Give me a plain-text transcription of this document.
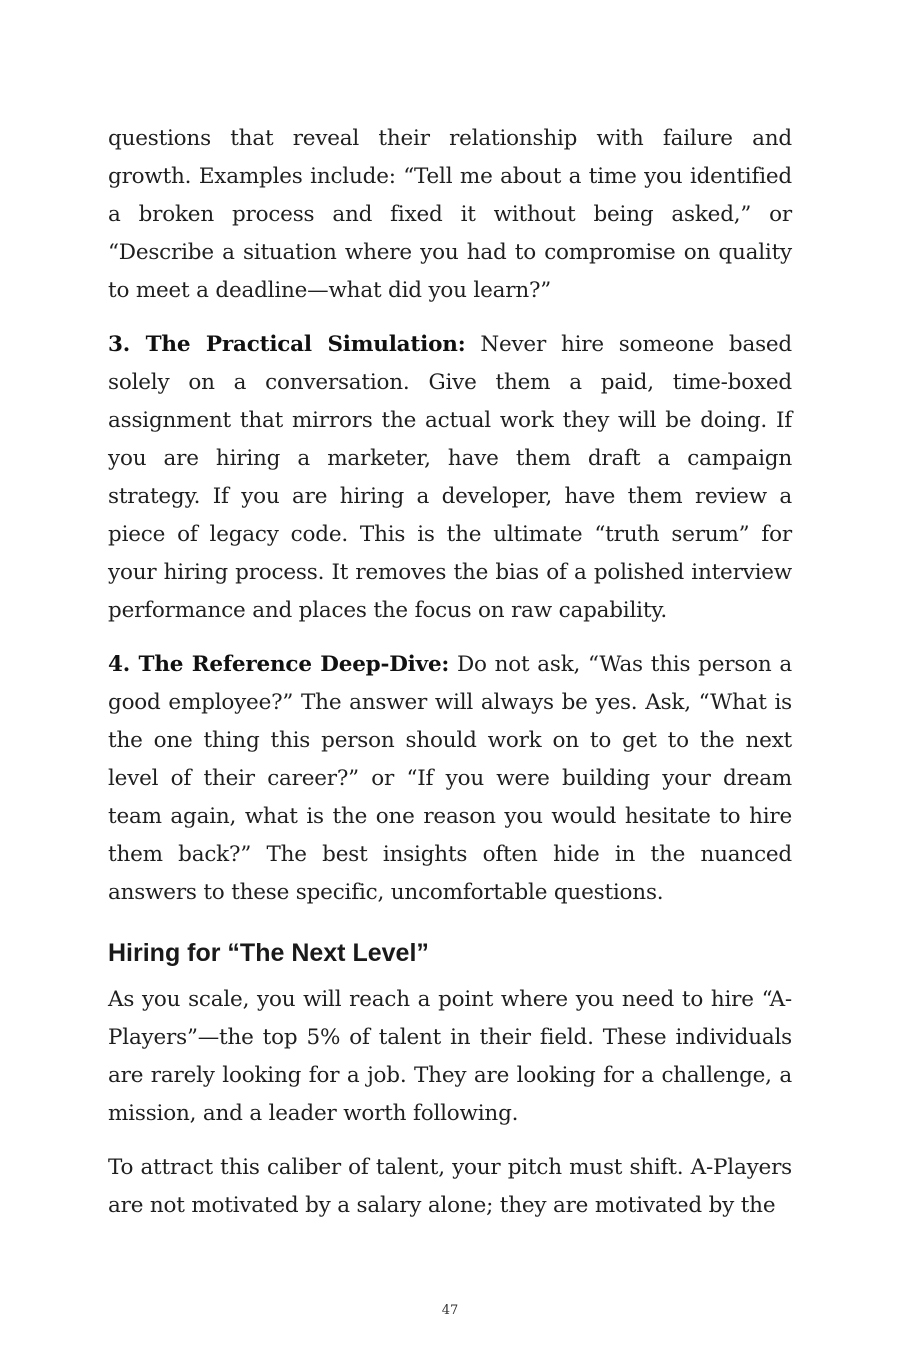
questions that reveal their relationship with failure and growth. Examples include: “Tell me about a time you identified a broken process and fixed it without being asked,” or “Describe a situation where you had to compromise on quality to meet a deadline—what did you learn?”

3. The Practical Simulation: Never hire someone based solely on a conversation. Give them a paid, time-boxed assignment that mirrors the actual work they will be doing. If you are hiring a marketer, have them draft a campaign strategy. If you are hiring a developer, have them review a piece of legacy code. This is the ultimate “truth serum” for your hiring process. It removes the bias of a polished interview performance and places the focus on raw capability.

4. The Reference Deep-Dive: Do not ask, “Was this person a good employee?” The answer will always be yes. Ask, “What is the one thing this person should work on to get to the next level of their career?” or “If you were building your dream team again, what is the one reason you would hesitate to hire them back?” The best insights often hide in the nuanced answers to these specific, uncomfortable questions.

Hiring for “The Next Level”

As you scale, you will reach a point where you need to hire “A-Players”—the top 5% of talent in their field. These individuals are rarely looking for a job. They are looking for a challenge, a mission, and a leader worth following.

To attract this caliber of talent, your pitch must shift. A-Players are not motivated by a salary alone; they are motivated by the

47
